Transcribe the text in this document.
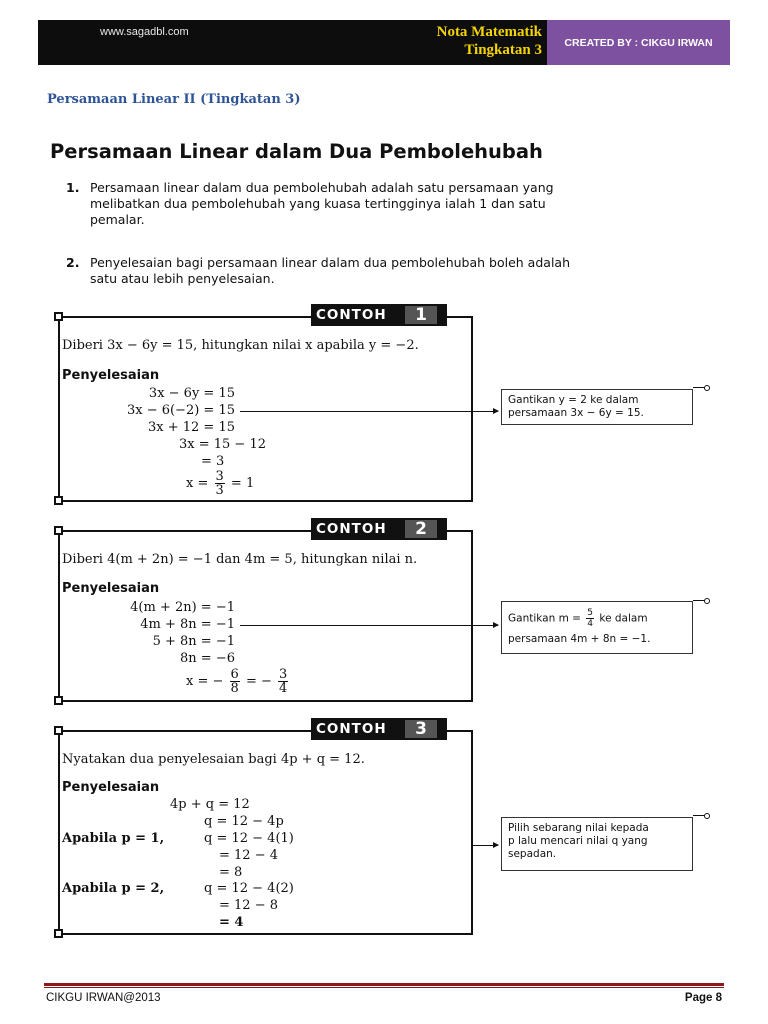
www.sagadbl.com	Nota Matematik
Tingkatan 3 CREATED BY : CIKGU IRWAN
Persamaan Linear II (Tingkatan 3)
Persamaan Linear dalam Dua Pembolehubah
1. Persamaan linear dalam dua pembolehubah adalah satu persamaan yang
melibatkan dua pembolehubah yang kuasa tertingginya ialah 1 dan satu
pemalar.
2. Penyelesaian bagi persamaan linear dalam dua pembolehubah boleh adalah
satu atau lebih penyelesaian.
CONTOH	1
Diberi 3x − 6y = 15, hitungkan nilai x apabila y = −2.
Penyelesaian
3x − 6y = 15
3x − 6(−2) = 15
3x + 12 = 15
3x = 15 − 12
= 3
$x = \frac{3}{3} = 1$
Gantikan y = 2 ke dalam
persamaan 3x − 6y = 15.
CONTOH	2
Diberi 4(m + 2n) = −1 dan 4m = 5, hitungkan nilai n.
Penyelesaian
4(m + 2n) = −1
4m + 8n = −1
5 + 8n = −1
8n = −6
x = − $\frac{6}{8}$ = − $\frac{3}{4}$
Gantikan $m = \frac{5}{4}$ ke dalam
persamaan 4m + 8n = −1.
CONTOH	3
Nyatakan dua penyelesaian bagi 4p + q = 12.
Penyelesaian
4p + q = 12
q = 12 − 4p
Apabila p = 1,	q = 12 − 4(1)
= 12 − 4
= 8
Apabila p = 2,	q = 12 − 4(2)
= 12 − 8
= 4
Pilih sebarang nilai kepada
p lalu mencari nilai q yang
sepadan.
CIKGU IRWAN@2013	Page 8
